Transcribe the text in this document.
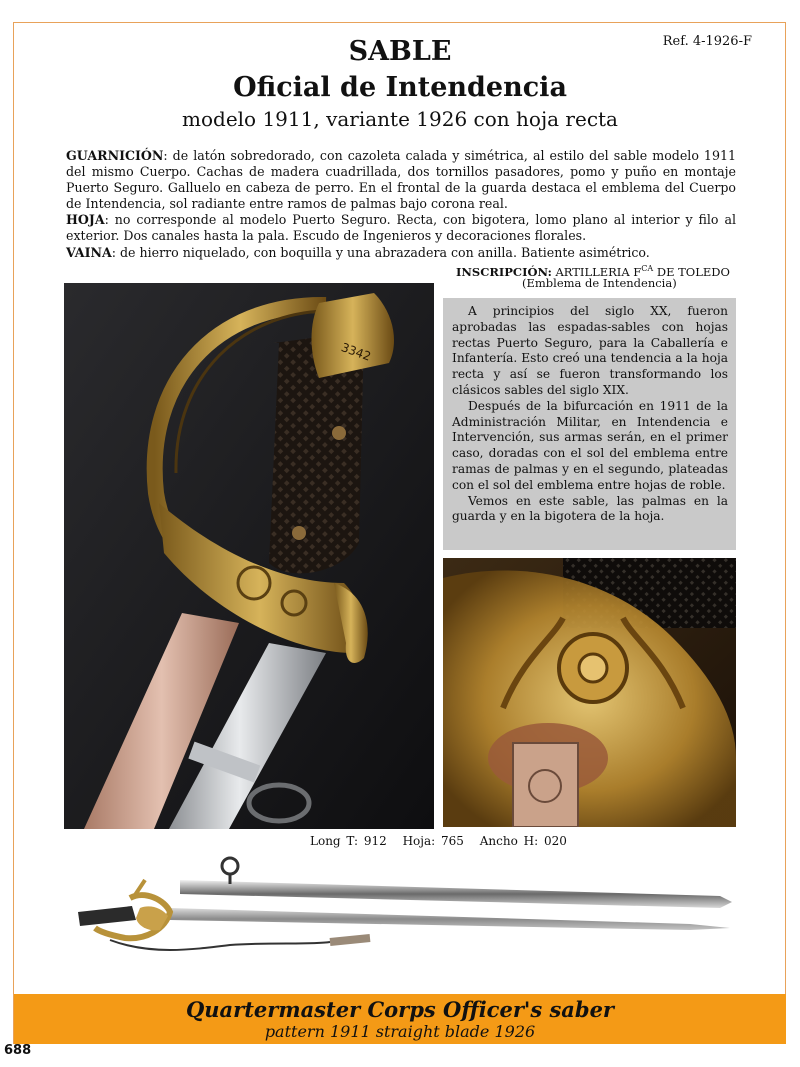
Ref. 4-1926-F
SABLE
Oficial de Intendencia
modelo 1911, variante 1926 con hoja recta
GUARNICIÓN: de latón sobredorado, con cazoleta calada y simétrica, al estilo del sable modelo 1911 del mismo Cuerpo. Cachas de madera cuadrillada, dos tornillos pasadores, pomo y puño en montaje Puerto Seguro. Galluelo en cabeza de perro. En el frontal de la guarda destaca el emblema del Cuerpo de Intendencia, sol radiante entre ramos de palmas bajo corona real.
HOJA: no corresponde al modelo Puerto Seguro. Recta, con bigotera, lomo plano al interior y filo al exterior. Dos canales hasta la pala. Escudo de Ingenieros y decoraciones florales.
VAINA: de hierro niquelado, con boquilla y una abrazadera con anilla. Batiente asimétrico.
INSCRIPCIÓN: ARTILLERIA $F^{CA}$ DE TOLEDO
(Emblema de Intendencia)
3342

A principios del siglo XX, fueron aprobadas las espadas-sables con hojas rectas Puerto Seguro, para la Caballería e Infantería. Esto creó una tendencia a la hoja recta y así se fueron transformando los clásicos sables del siglo XIX.

Después de la bifurcación en 1911 de la Administración Militar, en Intendencia e Intervención, sus armas serán, en el primer caso, doradas con el sol del emblema entre ramas de palmas y en el segundo, plateadas con el sol del emblema entre hojas de roble.

Vemos en este sable, las palmas en la guarda y en la bigotera de la hoja.

Long T: 912 Hoja: 765 Ancho H: 020
Quartermaster Corps Officer's saber
pattern 1911 straight blade 1926
688
